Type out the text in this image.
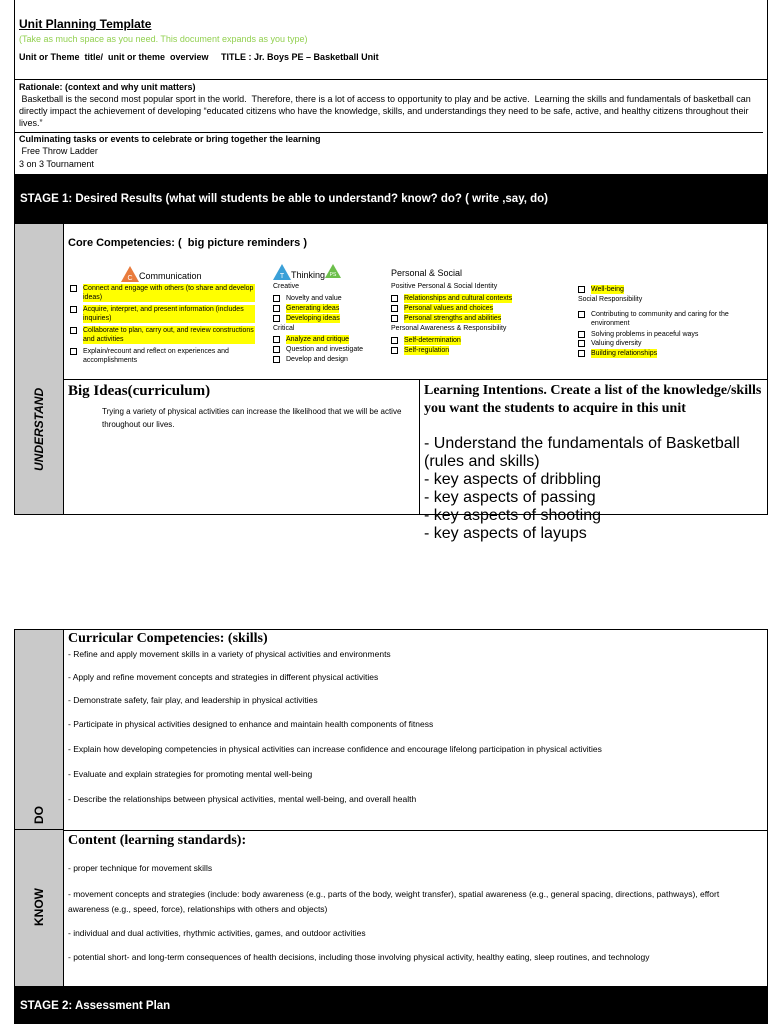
Unit Planning Template
(Take as much space as you need. This document expands as you type)
Unit or Theme  title/  unit or theme  overview     TITLE : Jr. Boys PE – Basketball Unit
Rationale: (context and why unit matters)
Basketball is the second most popular sport in the world.  Therefore, there is a lot of access to opportunity to play and be active.  Learning the skills and fundamentals of basketball can directly impact the achievement of developing “educated citizens who have the knowledge, skills, and understandings they need to be safe, active, and healthy citizens throughout their lives.”
Culminating tasks or events to celebrate or bring together the learning
Free Throw Ladder
3 on 3 Tournament
STAGE 1: Desired Results (what will students be able to understand? know? do? ( write ,say, do)
UNDERSTAND
Core Competencies: (  big picture reminders )
C Communication
Connect and engage with others (to share and develop ideas)
Acquire, interpret, and present information (includes inquiries)
Collaborate to plan, carry out, and review constructions and activities
Explain/recount and reflect on experiences and accomplishments
T Thinking PS
Creative
Novelty and value
Generating ideas
Developing ideas
Critical
Analyze and critique
Question and investigate
Develop and design
Personal & Social
Positive Personal & Social Identity
Relationships and cultural contexts
Personal values and choices
Personal strengths and abilities
Personal Awareness & Responsibility
Self-determination
Self-regulation
Well-being
Social Responsibility
Contributing to community and caring for the environment
Solving problems in peaceful ways
Valuing diversity
Building relationships
Big Ideas(curriculum)
Trying a variety of physical activities can increase the likelihood that we will be active throughout our lives.
Learning Intentions. Create a list of the knowledge/skills you want the students to acquire in this unit
- Understand the fundamentals of Basketball (rules and skills)
- key aspects of dribbling
- key aspects of passing
- key aspects of shooting
- key aspects of layups
DO
KNOW
Curricular Competencies: (skills)
- Refine and apply movement skills in a variety of physical activities and environments
- Apply and refine movement concepts and strategies in different physical activities
- Demonstrate safety, fair play, and leadership in physical activities
- Participate in physical activities designed to enhance and maintain health components of fitness
- Explain how developing competencies in physical activities can increase confidence and encourage lifelong participation in physical activities
- Evaluate and explain strategies for promoting mental well-being
- Describe the relationships between physical activities, mental well-being, and overall health
Content (learning standards):
- proper technique for movement skills
- movement concepts and strategies (include: body awareness (e.g., parts of the body, weight transfer), spatial awareness (e.g., general spacing, directions, pathways), effort awareness (e.g., speed, force), relationships with others and objects)
- individual and dual activities, rhythmic activities, games, and outdoor activities
- potential short- and long-term consequences of health decisions, including those involving physical activity, healthy eating, sleep routines, and technology
STAGE 2: Assessment Plan
